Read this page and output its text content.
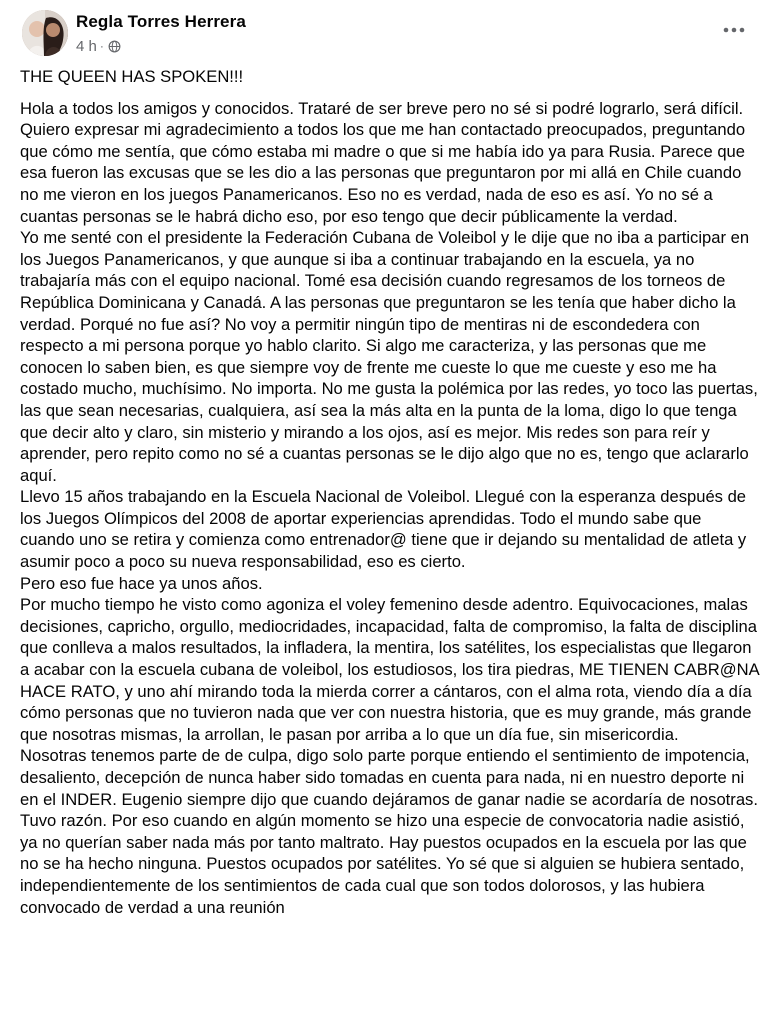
Regla Torres Herrera
4 h ·

THE QUEEN HAS SPOKEN!!!

Hola a todos los amigos y conocidos. Trataré de ser breve pero no sé si podré lograrlo, será difícil.

Quiero expresar mi agradecimiento a todos los que me han contactado preocupados, preguntando que cómo me sentía, que cómo estaba mi madre o que si me había ido ya para Rusia. Parece que esa fueron las excusas que se les dio a las personas que preguntaron por mi allá en Chile cuando no me vieron en los juegos Panamericanos. Eso no es verdad, nada de eso es así. Yo no sé a cuantas personas se le habrá dicho eso, por eso tengo que decir públicamente la verdad.

Yo me senté con el presidente la Federación Cubana de Voleibol y le dije que no iba a participar en los Juegos Panamericanos, y que aunque si iba a continuar trabajando en la escuela, ya no trabajaría más con el equipo nacional. Tomé esa decisión cuando regresamos de los torneos de República Dominicana y Canadá. A las personas que preguntaron se les tenía que haber dicho la verdad. Porqué no fue así? No voy a permitir ningún tipo de mentiras ni de escondedera con respecto a mi persona porque yo hablo clarito. Si algo me caracteriza, y las personas que me conocen lo saben bien, es que siempre voy de frente me cueste lo que me cueste y eso me ha costado mucho, muchísimo. No importa. No me gusta la polémica por las redes, yo toco las puertas, las que sean necesarias, cualquiera, así sea la más alta en la punta de la loma, digo lo que tenga que decir alto y claro, sin misterio y mirando a los ojos, así es mejor. Mis redes son para reír y aprender, pero repito como no sé a cuantas personas se le dijo algo que no es, tengo que aclararlo aquí.

Llevo 15 años trabajando en la Escuela Nacional de Voleibol. Llegué con la esperanza después de los Juegos Olímpicos del 2008 de aportar experiencias aprendidas. Todo el mundo sabe que cuando uno se retira y comienza como entrenador@ tiene que ir dejando su mentalidad de atleta y asumir poco a poco su nueva responsabilidad, eso es cierto.

Pero eso fue hace ya unos años.

Por mucho tiempo he visto como agoniza el voley femenino desde adentro. Equivocaciones, malas decisiones, capricho, orgullo, mediocridades, incapacidad, falta de compromiso, la falta de disciplina que conlleva a malos resultados, la infladera, la mentira, los satélites, los especialistas que llegaron a acabar con la escuela cubana de voleibol, los estudiosos, los tira piedras, ME TIENEN CABR@NA HACE RATO, y uno ahí mirando toda la mierda correr a cántaros, con el alma rota, viendo día a día cómo personas que no tuvieron nada que ver con nuestra historia, que es muy grande, más grande que nosotras mismas, la arrollan, le pasan por arriba a lo que un día fue, sin misericordia.

Nosotras tenemos parte de de culpa, digo solo parte porque entiendo el sentimiento de impotencia, desaliento, decepción de nunca haber sido tomadas en cuenta para nada, ni en nuestro deporte ni en el INDER. Eugenio siempre dijo que cuando dejáramos de ganar nadie se acordaría de nosotras. Tuvo razón. Por eso cuando en algún momento se hizo una especie de convocatoria nadie asistió, ya no querían saber nada más por tanto maltrato. Hay puestos ocupados en la escuela por las que no se ha hecho ninguna. Puestos ocupados por satélites. Yo sé que si alguien se hubiera sentado, independientemente de los sentimientos de cada cual que son todos dolorosos, y las hubiera convocado de verdad a una reunión
